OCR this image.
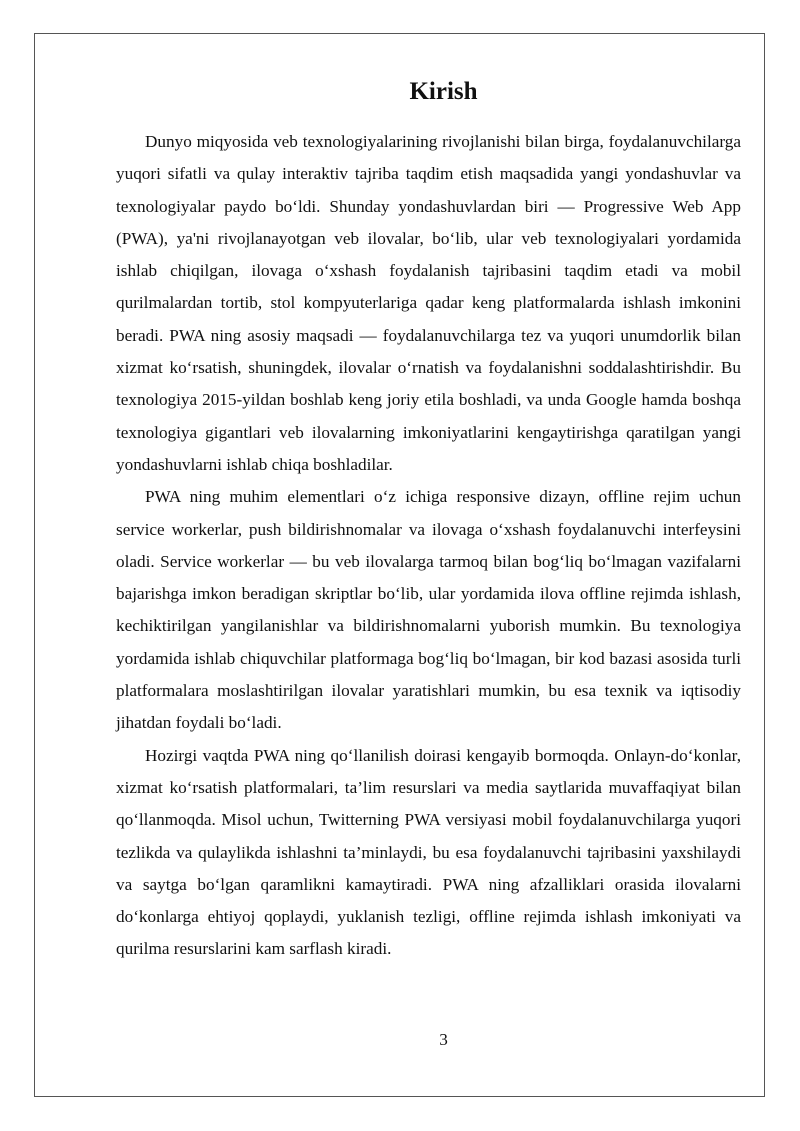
Kirish

Dunyo miqyosida veb texnologiyalarining rivojlanishi bilan birga, foydalanuvchilarga yuqori sifatli va qulay interaktiv tajriba taqdim etish maqsadida yangi yondashuvlar va texnologiyalar paydo bo‘ldi. Shunday yondashuvlardan biri — Progressive Web App (PWA), ya'ni rivojlanayotgan veb ilovalar, bo‘lib, ular veb texnologiyalari yordamida ishlab chiqilgan, ilovaga o‘xshash foydalanish tajribasini taqdim etadi va mobil qurilmalardan tortib, stol kompyuterlariga qadar keng platformalarda ishlash imkonini beradi. PWA ning asosiy maqsadi — foydalanuvchilarga tez va yuqori unumdorlik bilan xizmat ko‘rsatish, shuningdek, ilovalar o‘rnatish va foydalanishni soddalashtirishdir. Bu texnologiya 2015-yildan boshlab keng joriy etila boshladi, va unda Google hamda boshqa texnologiya gigantlari veb ilovalarning imkoniyatlarini kengaytirishga qaratilgan yangi yondashuvlarni ishlab chiqa boshladilar.

PWA ning muhim elementlari o‘z ichiga responsive dizayn, offline rejim uchun service workerlar, push bildirishnomalar va ilovaga o‘xshash foydalanuvchi interfeysini oladi. Service workerlar — bu veb ilovalarga tarmoq bilan bog‘liq bo‘lmagan vazifalarni bajarishga imkon beradigan skriptlar bo‘lib, ular yordamida ilova offline rejimda ishlash, kechiktirilgan yangilanishlar va bildirishnomalarni yuborish mumkin. Bu texnologiya yordamida ishlab chiquvchilar platformaga bog‘liq bo‘lmagan, bir kod bazasi asosida turli platformalara moslashtirilgan ilovalar yaratishlari mumkin, bu esa texnik va iqtisodiy jihatdan foydali bo‘ladi.

Hozirgi vaqtda PWA ning qo‘llanilish doirasi kengayib bormoqda. Onlayn-do‘konlar, xizmat ko‘rsatish platformalari, ta’lim resurslari va media saytlarida muvaffaqiyat bilan qo‘llanmoqda. Misol uchun, Twitterning PWA versiyasi mobil foydalanuvchilarga yuqori tezlikda va qulaylikda ishlashni ta’minlaydi, bu esa foydalanuvchi tajribasini yaxshilaydi va saytga bo‘lgan qaramlikni kamaytiradi. PWA ning afzalliklari orasida ilovalarni do‘konlarga ehtiyoj qoplaydi, yuklanish tezligi, offline rejimda ishlash imkoniyati va qurilma resurslarini kam sarflash kiradi.

3
